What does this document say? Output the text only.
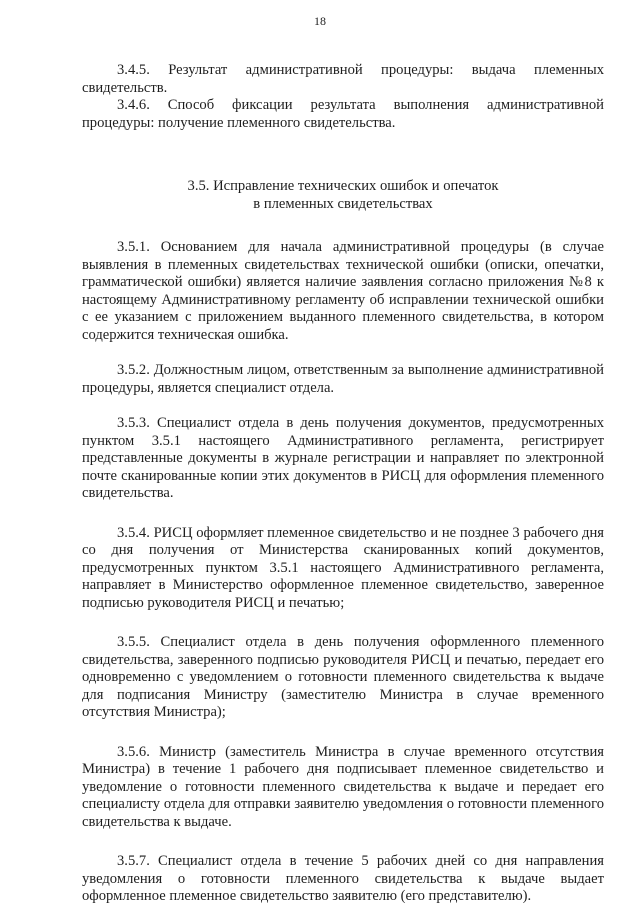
18

3.4.5. Результат административной процедуры: выдача племенных свидетельств.

3.4.6. Способ фиксации результата выполнения административной процедуры: получение племенного свидетельства.

3.5. Исправление технических ошибок и опечаток
в племенных свидетельствах

3.5.1. Основанием для начала административной процедуры (в случае выявления в племенных свидетельствах технической ошибки (описки, опечатки, грамматической ошибки) является наличие заявления согласно приложения №8 к настоящему Административному регламенту об исправлении технической ошибки с ее указанием с приложением выданного племенного свидетельства, в котором содержится техническая ошибка.

3.5.2. Должностным лицом, ответственным за выполнение административной процедуры, является специалист отдела.

3.5.3. Специалист отдела в день получения документов, предусмотренных пунктом 3.5.1 настоящего Административного регламента, регистрирует представленные документы в журнале регистрации и направляет по электронной почте сканированные копии этих документов в РИСЦ для оформления племенного свидетельства.

3.5.4. РИСЦ оформляет племенное свидетельство и не позднее 3 рабочего дня со дня получения от Министерства сканированных копий документов, предусмотренных пунктом 3.5.1 настоящего Административного регламента, направляет в Министерство оформленное племенное свидетельство, заверенное подписью руководителя РИСЦ и печатью;

3.5.5. Специалист отдела в день получения оформленного племенного свидетельства, заверенного подписью руководителя РИСЦ и печатью, передает его одновременно с уведомлением о готовности племенного свидетельства к выдаче для подписания Министру (заместителю Министра в случае временного отсутствия Министра);

3.5.6. Министр (заместитель Министра в случае временного отсутствия Министра) в течение 1 рабочего дня подписывает племенное свидетельство и уведомление о готовности племенного свидетельства к выдаче и передает его специалисту отдела для отправки заявителю уведомления о готовности племенного свидетельства к выдаче.

3.5.7. Специалист отдела в течение 5 рабочих дней со дня направления уведомления о готовности племенного свидетельства к выдаче выдает оформленное племенное свидетельство заявителю (его представителю).
